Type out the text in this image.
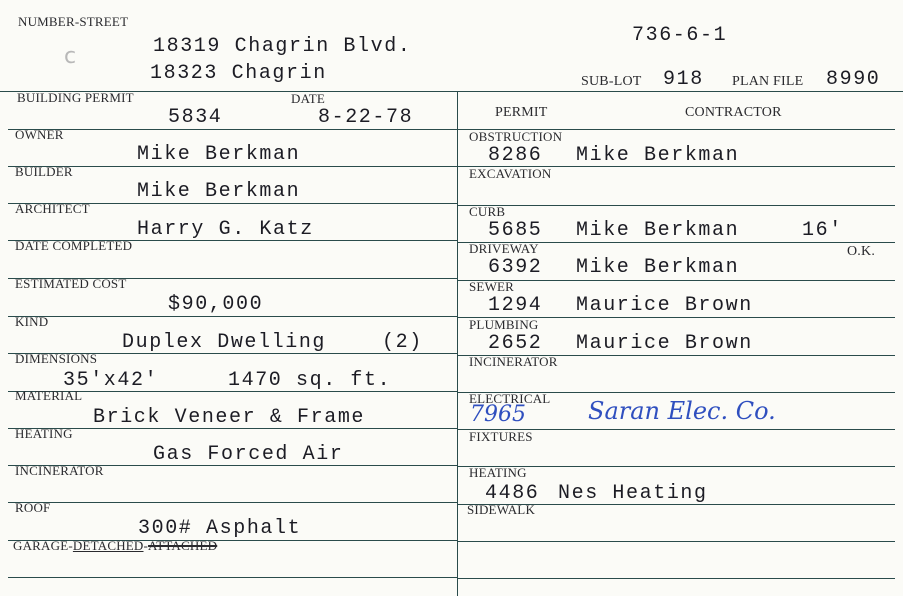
NUMBER-STREET
18319 Chagrin Blvd.
18323 Chagrin
c
736-6-1
SUB-LOT 918 PLAN FILE 8990
BUILDING PERMIT	DATE
5834	8-22-78
OWNER
Mike Berkman
BUILDER
Mike Berkman
ARCHITECT
Harry G. Katz
DATE COMPLETED
ESTIMATED COST
$90,000
KIND
Duplex Dwelling	(2)
DIMENSIONS
35'x42'	1470 sq. ft.
MATERIAL
Brick Veneer & Frame
HEATING
Gas Forced Air
INCINERATOR
ROOF
300# Asphalt
GARAGE-DETACHED-ATTACHED
PERMIT	CONTRACTOR
OBSTRUCTION
8286 Mike Berkman
EXCAVATION
CURB
5685 Mike Berkman	16'
DRIVEWAY	O.K.
6392 Mike Berkman
SEWER
1294 Maurice Brown
PLUMBING
2652 Maurice Brown
INCINERATOR
ELECTRICAL
7965	Saran Elec. Co.
FIXTURES
HEATING
4486 Nes Heating
SIDEWALK
